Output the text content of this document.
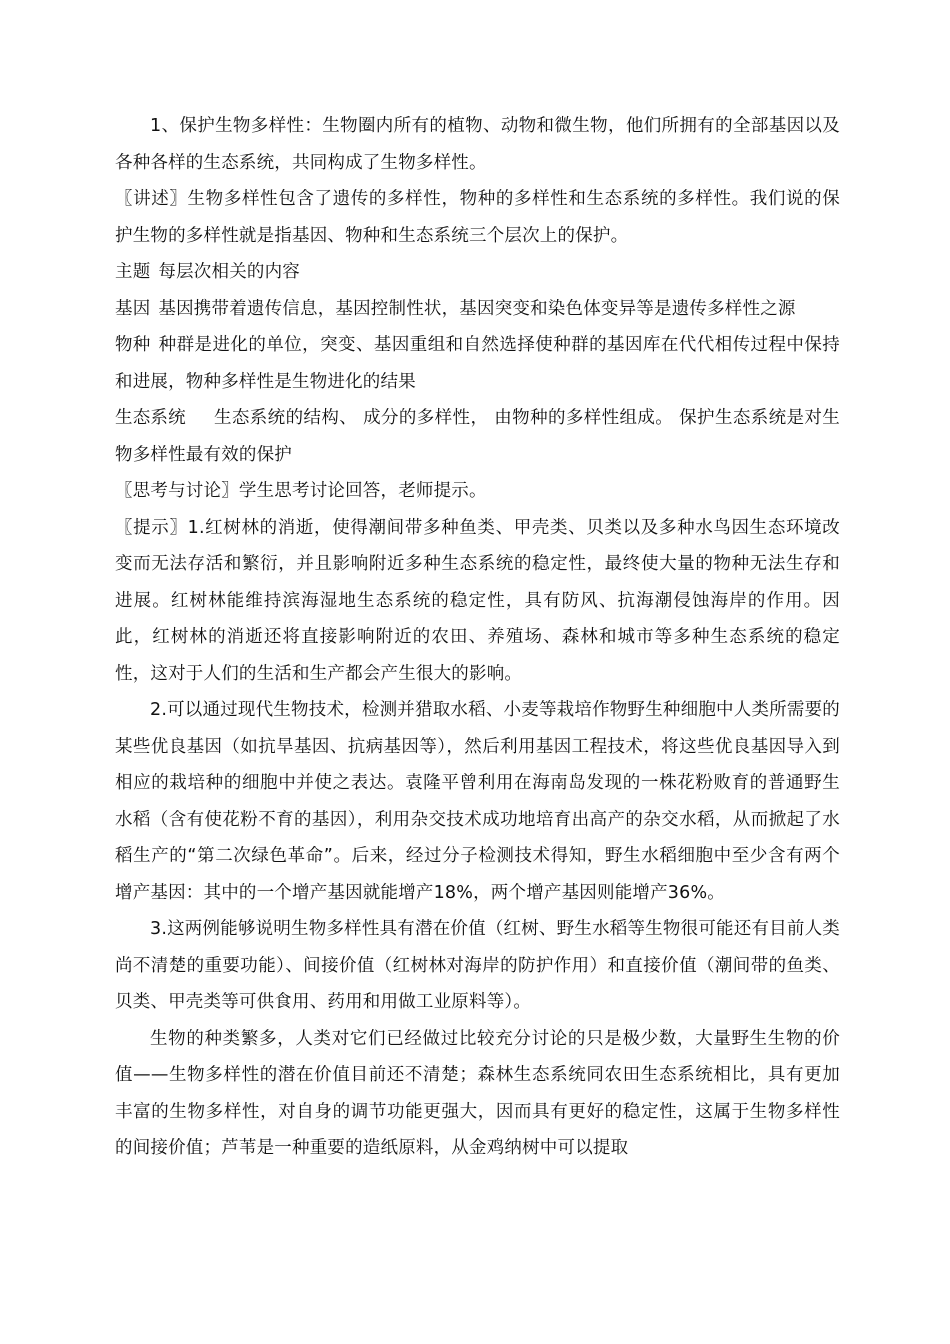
1、保护生物多样性：生物圈内所有的植物、动物和微生物，他们所拥有的全部基因以及各种各样的生态系统，共同构成了生物多样性。

〖讲述〗生物多样性包含了遗传的多样性，物种的多样性和生态系统的多样性。我们说的保护生物的多样性就是指基因、物种和生态系统三个层次上的保护。

主题 每层次相关的内容

基因 基因携带着遗传信息，基因控制性状，基因突变和染色体变异等是遗传多样性之源

物种 种群是进化的单位，突变、基因重组和自然选择使种群的基因库在代代相传过程中保持和进展，物种多样性是生物进化的结果

生态系统 生态系统的结构、 成分的多样性， 由物种的多样性组成。 保护生态系统是对生物多样性最有效的保护

〖思考与讨论〗学生思考讨论回答，老师提示。

〖提示〗1.红树林的消逝，使得潮间带多种鱼类、甲壳类、贝类以及多种水鸟因生态环境改变而无法存活和繁衍，并且影响附近多种生态系统的稳定性，最终使大量的物种无法生存和进展。红树林能维持滨海湿地生态系统的稳定性，具有防风、抗海潮侵蚀海岸的作用。因此，红树林的消逝还将直接影响附近的农田、养殖场、森林和城市等多种生态系统的稳定性，这对于人们的生活和生产都会产生很大的影响。

2.可以通过现代生物技术，检测并猎取水稻、小麦等栽培作物野生种细胞中人类所需要的某些优良基因（如抗旱基因、抗病基因等），然后利用基因工程技术，将这些优良基因导入到相应的栽培种的细胞中并使之表达。袁隆平曾利用在海南岛发现的一株花粉败育的普通野生水稻（含有使花粉不育的基因），利用杂交技术成功地培育出高产的杂交水稻，从而掀起了水稻生产的“第二次绿色革命”。后来，经过分子检测技术得知，野生水稻细胞中至少含有两个增产基因：其中的一个增产基因就能增产18%，两个增产基因则能增产36%。

3.这两例能够说明生物多样性具有潜在价值（红树、野生水稻等生物很可能还有目前人类尚不清楚的重要功能）、间接价值（红树林对海岸的防护作用）和直接价值（潮间带的鱼类、贝类、甲壳类等可供食用、药用和用做工业原料等）。

生物的种类繁多，人类对它们已经做过比较充分讨论的只是极少数，大量野生生物的价值——生物多样性的潜在价值目前还不清楚；森林生态系统同农田生态系统相比，具有更加丰富的生物多样性，对自身的调节功能更强大，因而具有更好的稳定性，这属于生物多样性的间接价值；芦苇是一种重要的造纸原料，从金鸡纳树中可以提取
